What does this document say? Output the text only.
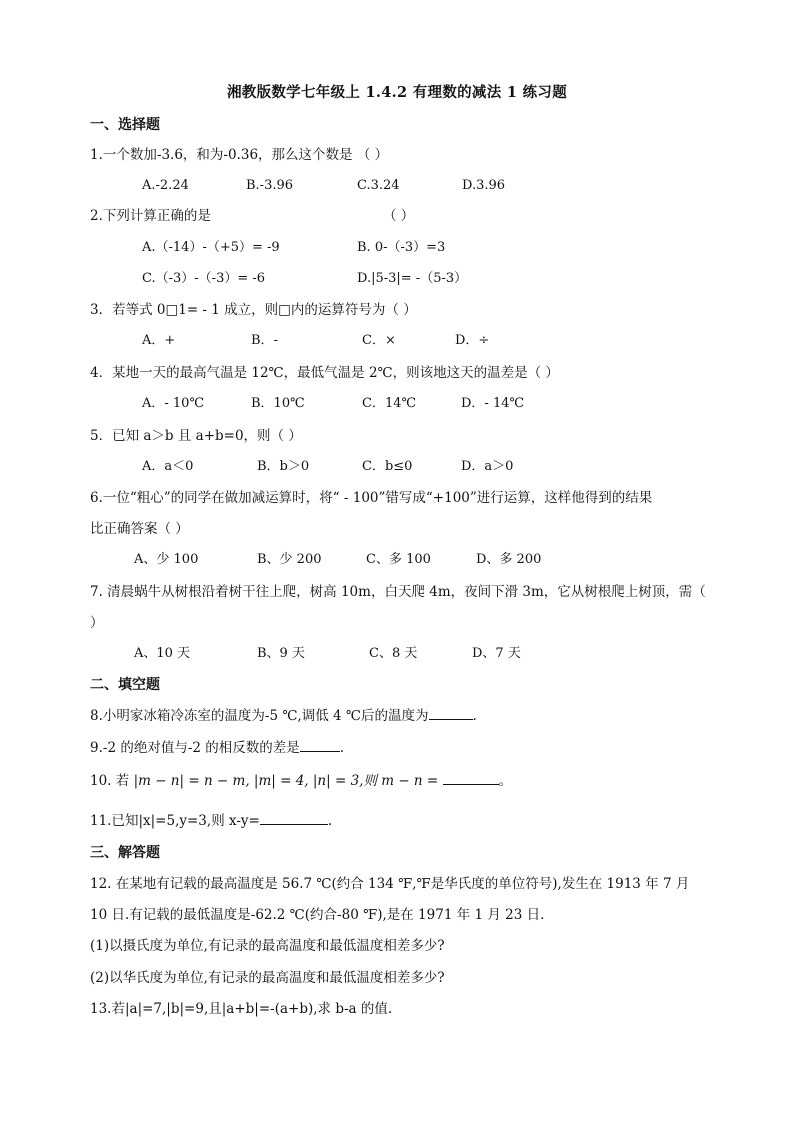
湘教版数学七年级上 1.4.2 有理数的减法 1 练习题
一、选择题
1.一个数加-3.6，和为-0.36，那么这个数是 （ ）
A.-2.24	B.-3.96	C.3.24	D.3.96
2.下列计算正确的是	（ ）
A.（-14）-（+5）= -9	B. 0-（-3）=3
C.（-3）-（-3）= -6	D.|5-3|= -（5-3）
3．若等式 0□1= - 1 成立，则□内的运算符号为（ ）
A．+	B．-	C．×	D．÷
4．某地一天的最高气温是 12℃，最低气温是 2℃，则该地这天的温差是（ ）
A．- 10℃	B．10℃	C．14℃	D．- 14℃
5．已知 a＞b 且 a+b=0，则（ ）
A．a＜0	B．b＞0	C．b≤0	D．a＞0
6.一位“粗心”的同学在做加减运算时，将“ - 100”错写成“+100”进行运算，这样他得到的结果
比正确答案（ ）
A、少 100	B、少 200	C、多 100	D、多 200
7. 清晨蜗牛从树根沿着树干往上爬，树高 10m，白天爬 4m，夜间下滑 3m，它从树根爬上树顶，需（
）
A、10 天	B、9 天	C、8 天	D、7 天
二、填空题
8.小明家冰箱冷冻室的温度为-5 ℃,调低 4 ℃后的温度为	.
9.-2 的绝对值与-2 的相反数的差是	.
10. 若 |m − n| = n − m, |m| = 4, |n| = 3,则 m − n =	。
11.已知|x|=5,y=3,则 x-y=	.
三、解答题
12. 在某地有记载的最高温度是 56.7 ℃(约合 134 ℉,℉是华氏度的单位符号),发生在 1913 年 7 月
10 日.有记载的最低温度是-62.2 ℃(约合-80 ℉),是在 1971 年 1 月 23 日.
(1)以摄氏度为单位,有记录的最高温度和最低温度相差多少?
(2)以华氏度为单位,有记录的最高温度和最低温度相差多少?
13.若|a|=7,|b|=9,且|a+b|=-(a+b),求 b-a 的值.
